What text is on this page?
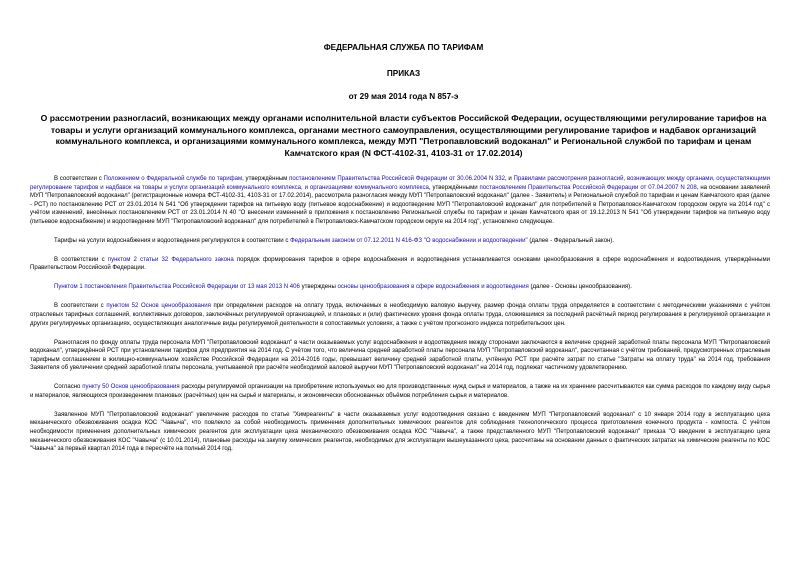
ФЕДЕРАЛЬНАЯ СЛУЖБА ПО ТАРИФАМ

ПРИКАЗ

от 29 мая 2014 года N 857-э

О рассмотрении разногласий, возникающих между органами исполнительной власти субъектов Российской Федерации, осуществляющими регулирование тарифов на товары и услуги организаций коммунального комплекса, органами местного самоуправления, осуществляющими регулирование тарифов и надбавок организаций коммунального комплекса, и организациями коммунального комплекса, между МУП "Петропавловский водоканал" и Региональной службой по тарифам и ценам Камчатского края (N ФСТ-4102-31, 4103-31 от 17.02.2014)

В соответствии с Положением о Федеральной службе по тарифам, утверждённым постановлением Правительства Российской Федерации от 30.06.2004 N 332, и Правилами рассмотрения разногласий, возникающих между органами, осуществляющими регулирование тарифов и надбавок на товары и услуги организаций коммунального комплекса, и организациями коммунального комплекса, утверждёнными постановлением Правительства Российской Федерации от 07.04.2007 N 208, на основании заявлений МУП "Петропавловский водоканал" (регистрационные номера ФСТ-4102-31, 4103-31 от 17.02.2014), рассмотрела разногласия между МУП "Петропавловский водоканал" (далее - Заявитель) и Региональной службой по тарифам и ценам Камчатского края (далее - РСТ) по постановлению РСТ от 23.01.2014 N 541 "Об утверждении тарифов на питьевую воду (питьевое водоснабжение) и водоотведение МУП "Петропавловский водоканал" для потребителей в Петропавловск-Камчатском городском округе на 2014 год" с учётом изменений, внесённых постановлением РСТ от 23.01.2014 N 40 "О внесении изменений в приложения к постановлению Региональной службы по тарифам и ценам Камчатского края от 19.12.2013 N 541 "Об утверждении тарифов на питьевую воду (питьевое водоснабжение) и водоотведение МУП "Петропавловский водоканал" для потребителей в Петропавловск-Камчатском городском округе на 2014 год", установлено следующее.

Тарифы на услуги водоснабжения и водоотведения регулируются в соответствии с Федеральным законом от 07.12.2011 N 416-ФЗ "О водоснабжении и водоотведении" (далее - Федеральный закон).

В соответствии с пунктом 2 статьи 32 Федерального закона порядок формирования тарифов в сфере водоснабжения и водоотведения устанавливается основами ценообразования в сфере водоснабжения и водоотведения, утверждёнными Правительством Российской Федерации.

Пунктом 1 постановления Правительства Российской Федерации от 13 мая 2013 N 406 утверждены основы ценообразования в сфере водоснабжения и водоотведения (далее - Основы ценообразования).

В соответствии с пунктом 52 Основ ценообразования при определении расходов на оплату труда, включаемых в необходимую валовую выручку, размер фонда оплаты труда определяется в соответствии с методическими указаниями с учётом отраслевых тарифных соглашений, коллективных договоров, заключённых регулируемой организацией, и плановых и (или) фактических уровня фонда оплаты труда, сложившимся за последний расчётный период регулирования в регулируемой организации и других регулируемых организациях, осуществляющих аналогичные виды регулируемой деятельности в сопоставимых условиях, а также с учётом прогнозного индекса потребительских цен.

Разногласия по фонду оплаты труда персонала МУП "Петропавловский водоканал" в части оказываемых услуг водоснабжения и водоотведения между сторонами заключаются в величине средней заработной платы персонала МУП "Петропавловский водоканал", утверждённой РСТ при установлении тарифов для предприятия на 2014 год. С учётом того, что величина средней заработной платы персонала МУП "Петропавловский водоканал", рассчитанная с учётом требований, предусмотренных отраслевым тарифным соглашением в жилищно-коммунальном хозяйстве Российской Федерации на 2014-2016 годы, превышает величину средней заработной платы, учтённую РСТ при расчёте затрат по статье "Затраты на оплату труда" на 2014 год, требования Заявителя об увеличении средней заработной платы персонала, учитываемой при расчёте необходимой валовой выручки МУП "Петропавловский водоканал" на 2014 год, подлежат частичному удовлетворению.

Согласно пункту 50 Основ ценообразования расходы регулируемой организации на приобретение используемых ею для производственных нужд сырья и материалов, а также на их хранение рассчитываются как сумма расходов по каждому виду сырья и материалов, являющихся произведением плановых (расчётных) цен на сырьё и материалы, и экономически обоснованных объёмов потребления сырья и материалов.

Заявленное МУП "Петропавловский водоканал" увеличение расходов по статье "Химреагенты" в части оказываемых услуг водоотведения связано с введением МУП "Петропавловский водоканал" с 10 января 2014 году в эксплуатацию цеха механического обезвоживания осадка КОС "Чавыча", что повлекло за собой необходимость применения дополнительных химических реагентов для соблюдения технологического процесса приготовления конечного продукта - компоста. С учётом необходимости применения дополнительных химических реагентов для эксплуатации цеха механического обезвоживания осадка КОС "Чавыча", а также представленного МУП "Петропавловский водоканал" приказа "О введении в эксплуатацию цеха механического обезвоживания КОС "Чавыча" (с 10.01.2014), плановые расходы на закупку химических реагентов, необходимых для эксплуатации вышеуказанного цеха, рассчитаны на основании данных о фактических затратах на химические реагенты по КОС "Чавыча" за первый квартал 2014 года в пересчёте на полный 2014 год.
